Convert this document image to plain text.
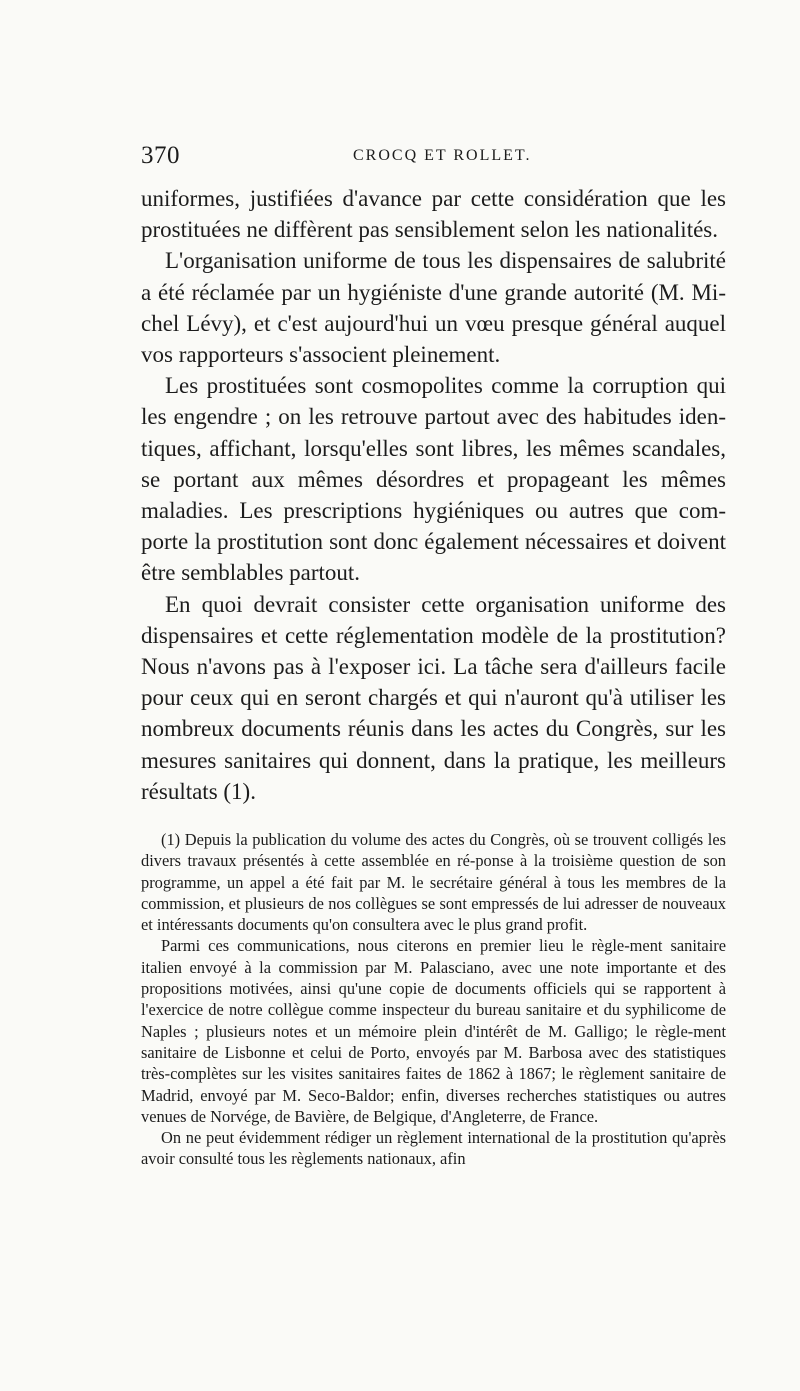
370	CROCQ ET ROLLET.

uniformes, justifiées d'avance par cette considération que les prostituées ne diffèrent pas sensiblement selon les nationalités.

L'organisation uniforme de tous les dispensaires de salubrité a été réclamée par un hygiéniste d'une grande autorité (M. Mi-chel Lévy), et c'est aujourd'hui un vœu presque général auquel vos rapporteurs s'associent pleinement.

Les prostituées sont cosmopolites comme la corruption qui les engendre ; on les retrouve partout avec des habitudes iden-tiques, affichant, lorsqu'elles sont libres, les mêmes scandales, se portant aux mêmes désordres et propageant les mêmes maladies. Les prescriptions hygiéniques ou autres que com-porte la prostitution sont donc également nécessaires et doivent être semblables partout.

En quoi devrait consister cette organisation uniforme des dispensaires et cette réglementation modèle de la prostitution? Nous n'avons pas à l'exposer ici. La tâche sera d'ailleurs facile pour ceux qui en seront chargés et qui n'auront qu'à utiliser les nombreux documents réunis dans les actes du Congrès, sur les mesures sanitaires qui donnent, dans la pratique, les meilleurs résultats (1).

(1) Depuis la publication du volume des actes du Congrès, où se trouvent colligés les divers travaux présentés à cette assemblée en ré-ponse à la troisième question de son programme, un appel a été fait par M. le secrétaire général à tous les membres de la commission, et plusieurs de nos collègues se sont empressés de lui adresser de nouveaux et intéressants documents qu'on consultera avec le plus grand profit.

Parmi ces communications, nous citerons en premier lieu le règle-ment sanitaire italien envoyé à la commission par M. Palasciano, avec une note importante et des propositions motivées, ainsi qu'une copie de documents officiels qui se rapportent à l'exercice de notre collègue comme inspecteur du bureau sanitaire et du syphilicome de Naples ; plusieurs notes et un mémoire plein d'intérêt de M. Galligo; le règle-ment sanitaire de Lisbonne et celui de Porto, envoyés par M. Barbosa avec des statistiques très-complètes sur les visites sanitaires faites de 1862 à 1867; le règlement sanitaire de Madrid, envoyé par M. Seco-Baldor; enfin, diverses recherches statistiques ou autres venues de Norvége, de Bavière, de Belgique, d'Angleterre, de France.

On ne peut évidemment rédiger un règlement international de la prostitution qu'après avoir consulté tous les règlements nationaux, afin
